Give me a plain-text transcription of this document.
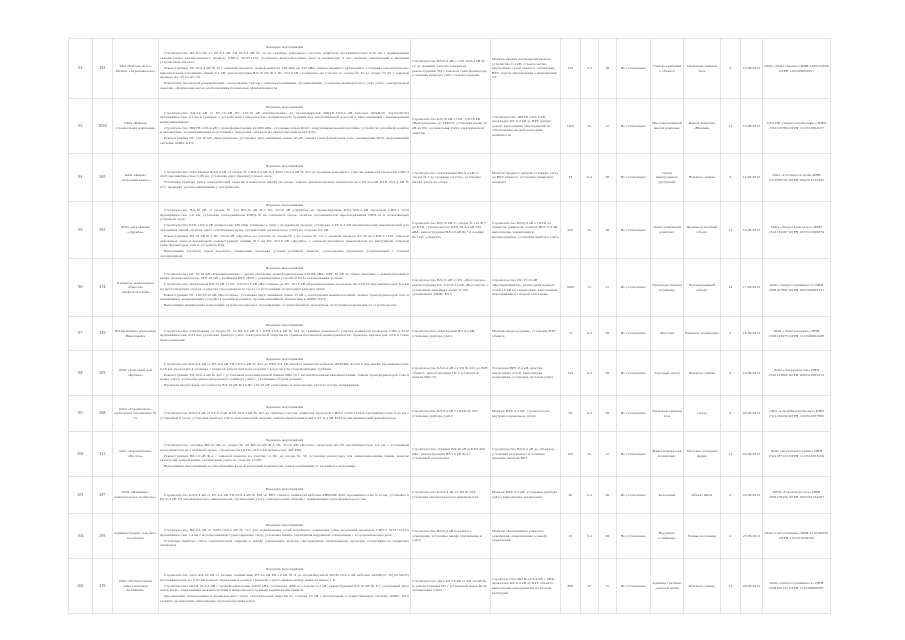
92	281	ЗАО «Кубань-Агро» филиал «Агрокомплекс»	Перечень мероприятий
Строительство ВЛ-0,4 кВ от РУ-0,4 кВ ТП-10/0,4 кВ № 12 до границы земельного участка заявителя протяжённостью 0,35 км с применением самонесущего изолированного провода СИП-2 3х70+1х70, установка железобетонных опор в количестве 9 шт., монтаж ответвлений к вводным устройствам объекта.
Реконструкция ТП-10/0,4 кВ № 12 с заменой силового трансформатора 160 кВА на 250 кВА, замена вводного рубильника, установка автоматических выключателей отходящих линий 0,4 кВ; реконструкция ВЛ-10 кВ Ф-3 ПС 35/10 кВ «Северная» на участке от опоры № 45 до опоры № 63 с заменой провода АС-35 на АС-70.
Разработка проектной документации, согласование трассы с заинтересованными организациями, установка коммерческого узла учёта электрической энергии, оформление актов разграничения балансовой принадлежности.	Строительство ВЛ-0,4 кВ от ТП-10/0,4 кВ № 12 до границы участка заявителя, реконструкция ТП с заменой трансформатора, установка прибора учёта электроэнергии	Монтаж вводно-распределительного устройства 0,4 кВ, строительство внутренних сетей объекта, заземление ВРУ, подача уведомления о выполнении ТУ	150	0,4	III	Не установлено	Электроснабжение объекта	Производственная база	6	10.09.2013	ООО «Энергопроект» ИНН 2309125648 ОГРН 1102309003851

93	1050	ООО «Южная строительная компания»	Перечень мероприятий
Строительство КЛ-10 кВ от РУ-10 кВ ПС 110/10 кВ «Центральная» до проектируемой 2БКТП-10/0,4 кВ кабелем АПвПу2г 3х(1х240/35) протяжённостью 2,1 км в траншее, с устройством горизонтально направленного бурения под автомобильной дорогой и пересечениями с инженерными коммуникациями.
Строительство 2БКТП-10/0,4 кВ с трансформаторами 2х1000 кВА, установка ячеек КСО с вакуумными выключателями, устройство релейной защиты и автоматики, телемеханизация подстанции с передачей сигналов на диспетчерский пункт РЭС.
Реконструкция ПС 110/10 кВ «Центральная»: установка двух линейных ячеек 10 кВ, замена трансформаторов тока, расширение ОПУ, модернизация системы АИИС КУЭ.	Строительство КЛ-10 кВ от ПС 110/10 кВ «Центральная» до 2БКТП, установка ячеек 10 кВ на ПС, организация учёта электрической энергии	Строительство 2БКТП-10/0,4 кВ, прокладка КЛ-0,4 кВ до ВРУ жилых домов, выполнение мероприятий по обеспечению второй категории надёжности	1200	10	II	Не установлено	Многоквартирный жилой комплекс	Жилой комплекс «Южный»	12	10.09.2013	СРО НП «Энергостройальянс» ИНН 2310156789 ОГРН 1112310004527

94	265	ОАО «Фирма «Агрохимсервис»	Перечень мероприятий
Строительство ответвления ВЛ-0,4 кВ от опоры № 7 ВЛ-0,4 кВ Л-2 КТП-10/0,4 кВ № 215 до границы земельного участка заявителя проводом СИП-4 4х25 протяжённостью 0,08 км, установка двух промежуточных опор.
Установка прибора учёта электрической энергии в выносном шкафу на опоре, замена автоматического выключателя в РУ-0,4 кВ КТП-10/0,4 кВ № 215, проверка уровня напряжения у потребителя.	Строительство ответвления ВЛ-0,4 кВ от опоры № 7 до границы участка, установка шкафа учёта на опоре	Монтаж вводного кабеля от шкафа учёта до ВРУ объекта, установка защитного аппарата	45	0,4	III	Не установлено	Склад минеральных удобрений	Нежилое здание	6	12.09.2013	ООО «ГазЭнергоСтрой» ИНН 2311098765 ОГРН 1062311012345

95	291	ООО «Агрофирма «Дружба»	Перечень мероприятий
Строительство ВЛ-10 кВ от опоры № 112 ВЛ-10 кВ Ф-7 ПС 35/10 кВ «Дружба» до проектируемой КТП-10/0,4 кВ проводом СИП-3 1х70 протяжённостью 1,6 км, установка разъединителя РЛНД-10 на отпаечной опоре, монтаж ограничителей перенапряжения ОПН-10 и заземляющих устройств опор.
Строительство КТП-10/0,4 кВ мощностью 630 кВА тупикового типа с воздушным вводом, установка в РУ-0,4 кВ автоматических выключателей для отходящих линий, монтаж щита собственных нужд, организация технического учёта на стороне 0,4 кВ.
Реконструкция ВЛ-10 кВ Ф-7 ПС 35/10 кВ «Дружба» на участке от опоры № 1 до опоры № 112 с заменой провода АС-50 на СИП-3 1х95, заменой дефектных опор и изоляторов; реконструкция ячейки Ф-7 на ПС 35/10 кВ «Дружба» с заменой масляного выключателя на вакуумный, заменой трансформаторов тока и устройств РЗА.
Выполнение расчётов токов короткого замыкания, проверка уставок релейной защиты, согласование проектной документации с сетевой организацией.	Строительство ВЛ-10 кВ от опоры № 112 Ф-7 до КТП, строительство КТП-10/0,4 кВ 630 кВА, реконструкция ВЛ-10 кВ Ф-7 и ячейки Ф-7 ПС «Дружба»	Строительство ВЛ-0,4 кВ от КТП до объектов заявителя, монтаж ВРУ-0,4 кВ, выполнение заземления и молниезащиты, установка прибора учёта	670	10	III	Не установлено	Зерносушильный комплекс	Производственный объект	12	16.09.2013	ООО «ЭнергоТрансАгро» ИНН 2312134567 ОГРН 1072312009876

96	274	Открытое акционерное общество «Нефтегазстрой»	Перечень мероприятий
Строительство ПС 35/10 кВ «Промышленная» с двумя силовыми трансформаторами 2х6300 кВА, ОРУ-35 кВ по схеме «мостик» с выключателями в цепях трансформаторов, ЗРУ-10 кВ с ячейками КРУ, ОПУ с размещением устройств РЗА, телемеханики и связи.
Строительство двухцепной ВЛ-35 кВ от ПС 110/35/10 кВ «Восточная» до ПС 35/10 кВ «Промышленная» проводом АС-120/19 протяжённостью 8,4 км на металлических опорах, подвеска грозозащитного троса со встроенным оптическим кабелем связи.
Реконструкция ПС 110/35/10 кВ «Восточная»: установка двух линейных ячеек 35 кВ с элегазовыми выключателями, замена трансформаторов тока и напряжения, модернизация устройств релейной защиты, противоаварийной автоматики и АИИС КУЭ.
Выполнение инженерных изысканий, разработка проекта, прохождение государственной экспертизы, получение разрешения на строительство.	Строительство ВЛ-35 кВ от ПС «Восточная», реконструкция ПС 110/35/10 кВ «Восточная» с установкой линейных ячеек 35 кВ, организация АИИС КУЭ	Строительство ПС 35/10 кВ «Промышленная», распределительных сетей 10 кВ по территории, выполнение мероприятий по второй категории	5000	35	II	Не установлено	Производственная площадка	Промышленный объект	24	17.09.2013	ООО «Энергостройинвест» ИНН 2308167890 ОГРН 1092308004321

97	249	ИП Кравченко Александр Николаевич	Перечень мероприятий
Строительство ответвления от опоры № 14 ВЛ-0,4 кВ Л-1 КТП-10/0,4 кВ № 318 до границы земельного участка заявителя проводом СИП-4 4х16 протяжённостью 0,03 км; установка прибора учёта электрической энергии на границе балансовой принадлежности; проверка параметров сети в точке присоединения.	Строительство ответвления ВЛ-0,4 кВ, установка прибора учёта	Монтаж ввода в здание, установка ВРУ объекта	15	0,4	III	Не установлено	Магазин	Нежилое помещение	4	18.09.2013	ООО «Электросервис» ИНН 2309145678 ОГРН 1112309002468

98	303	ООО «Торговый дом «Кубань»	Перечень мероприятий
Строительство КЛ-0,4 кВ от РУ-0,4 кВ ТП-10/0,4 кВ № 421 до ВРУ-0,4 кВ объекта заявителя кабелем АВБбШв 4х120 в две нитки протяжённостью 0,18 км, прокладка в траншее с защитой кабеля при пересечении с дорогой асбестоцементными трубами.
Реконструкция ТП-10/0,4 кВ № 421 с установкой дополнительной панели ЩО-70 с автоматическими выключателями, замена трансформаторов тока в цепях учёта, установка интеллектуального прибора учёта с удалённым сбором данных.
Проверка пропускной способности ВЛ-10 кВ Ф-12 ПС 110/10 кВ «Западная» и выполнение расчёта потерь напряжения.	Строительство КЛ-0,4 кВ от ТП № 421 до ВРУ объекта, реконструкция ТП с установкой панели ЩО-70	Установка ВРУ-0,4 кВ, монтаж внутренних сетей, выполнение заземления, установка системы учёта	120	0,4	III	Не установлено	Торговый центр	Нежилое здание	6	19.09.2013	ООО «Энергомонтаж» ИНН 2310123890 ОГРН 1082310005612

99	268	ООО «Строительно-монтажное управление № 5»	Перечень мероприятий
Строительство ВЛ-0,4 кВ от РУ-0,4 кВ КТП-10/0,4 кВ № 507 до границы участка заявителя проводом СИП-2 3х50+1х54,6 протяжённостью 0,22 км с установкой 6 опор; установка прибора учёта электрической энергии; замена предохранителей в РУ-0,4 кВ КТП на автоматический выключатель.	Строительство ВЛ-0,4 кВ от КТП № 507, установка прибора учёта	Монтаж ВРУ-0,4 кВ, строительство внутриплощадочных сетей	90	0,4	III	Не установлено	Производственная база	Склад	6	20.09.2013	ООО «СтройЭнергоПроект» ИНН 2311156234 ОГРН 1102311007890

100	312	ЗАО «Агрокомплекс «Восток»	Перечень мероприятий
Строительство отпайки ВЛ-10 кВ от опоры № 56 ВЛ-10 кВ Ф-4 ПС 35/10 кВ «Восток» проводом АС-70 протяжённостью 0,9 км с установкой разъединителя на отпаечной опоре, строительство КТП-10/0,4 кВ мощностью 400 кВА.
Реконструкция ВЛ-10 кВ Ф-4 с заменой провода на участке от ПС до опоры № 56, установка реклоузера для секционирования линии, монтаж указателей повреждения, организация учёта на стороне 10 кВ.
Выполнение мероприятий по обеспечению второй категории надёжности электроснабжения от резервного источника.	Строительство отпайки ВЛ-10 кВ и КТП 400 кВА, реконструкция ВЛ-10 кВ Ф-4 с установкой реклоузера	Строительство ВЛ-0,4 кВ до объектов, установка резервного источника питания, монтаж ВРУ	300	10	II	Не установлено	Животноводческий комплекс	Молочно-товарная ферма	12	23.09.2013	ООО «Агроэнергосервис» ИНН 2312167123 ОГРН 1112312003456

101	287	ООО «Жилищно-коммунальное хозяйство»	Перечень мероприятий
Строительство КЛ-0,4 кВ от РУ-0,4 кВ ТП-10/0,4 кВ № 634 до ВРУ объекта заявителя кабелем АВБбШв 4х95 протяжённостью 0,12 км; установка в РУ-0,4 кВ ТП автоматического выключателя; организация учёта электрической энергии с применением трансформаторов тока.	Строительство КЛ-0,4 кВ от ТП № 634, установка автоматического выключателя	Монтаж ВРУ-0,4 кВ, установка прибора учёта, выполнение заземления	60	0,4	III	Не установлено	Котельная	Объект ЖКХ	6	24.09.2013	МУП «Горэлектросеть» ИНН 2309178456 ОГРН 1022301234567

102	295	Администрация сельского поселения	Перечень мероприятий
Строительство ВЛ-0,4 кВ от КТП-10/0,4 кВ № 712 для подключения сетей наружного освещения улиц поселения проводом СИП-2 3х35+1х54,6 протяжённостью 1,4 км с использованием существующих опор; установка шкафа управления наружным освещением с астрономическим реле.
Установка прибора учёта электрической энергии в шкафу управления, монтаж светодиодных светильников, проверка селективности защитных аппаратов.	Строительство ВЛ-0,4 кВ наружного освещения, установка шкафа управления и учёта	Монтаж светильников уличного освещения, подключение к шкафу управления	25	0,4	III	Не установлено	Наружное освещение	Улицы поселения	4	25.09.2013	ООО «Светотехника» ИНН 2310189567 ОГРН 1122310006789

103	276	ООО «Региональная энергетическая компания»	Перечень мероприятий
Строительство двух КЛ-10 кВ от разных секций шин РУ-10 кВ РП-10 кВ № 8 до проектируемой 2КТП-10/0,4 кВ кабелем АПвПу2г 3х(1х150/25) протяжённостью по 0,65 км каждая, прокладка в разных траншеях с расстоянием между ними не менее 1 м.
Строительство 2КТП-10/0,4 кВ с трансформаторами 2х630 кВА, установка АВР на стороне 0,4 кВ; реконструкция РП-10 кВ № 8 с установкой двух ячеек КСО с вакуумными выключателями и микропроцессорными терминалами защиты.
Организация телемеханики и коммерческого учёта электрической энергии на стороне 10 кВ с интеграцией в существующую систему АИИС КУЭ сетевой организации; выполнение пусконаладочных работ.	Строительство двух КЛ-10 кВ от РП-10 кВ № 8, реконструкция РП с установкой ячеек КСО, организация учёта	Строительство 2КТП-10/0,4 кВ с АВР, прокладка КЛ-0,4 кВ до ВРУ объекта, выполнение мероприятий по второй категории	800	10	II	Не установлено	Административно-деловой центр	Нежилое здание	12	26.09.2013	ООО «Энергостройинвест» ИНН 2308190123 ОГРН 1132308000987
